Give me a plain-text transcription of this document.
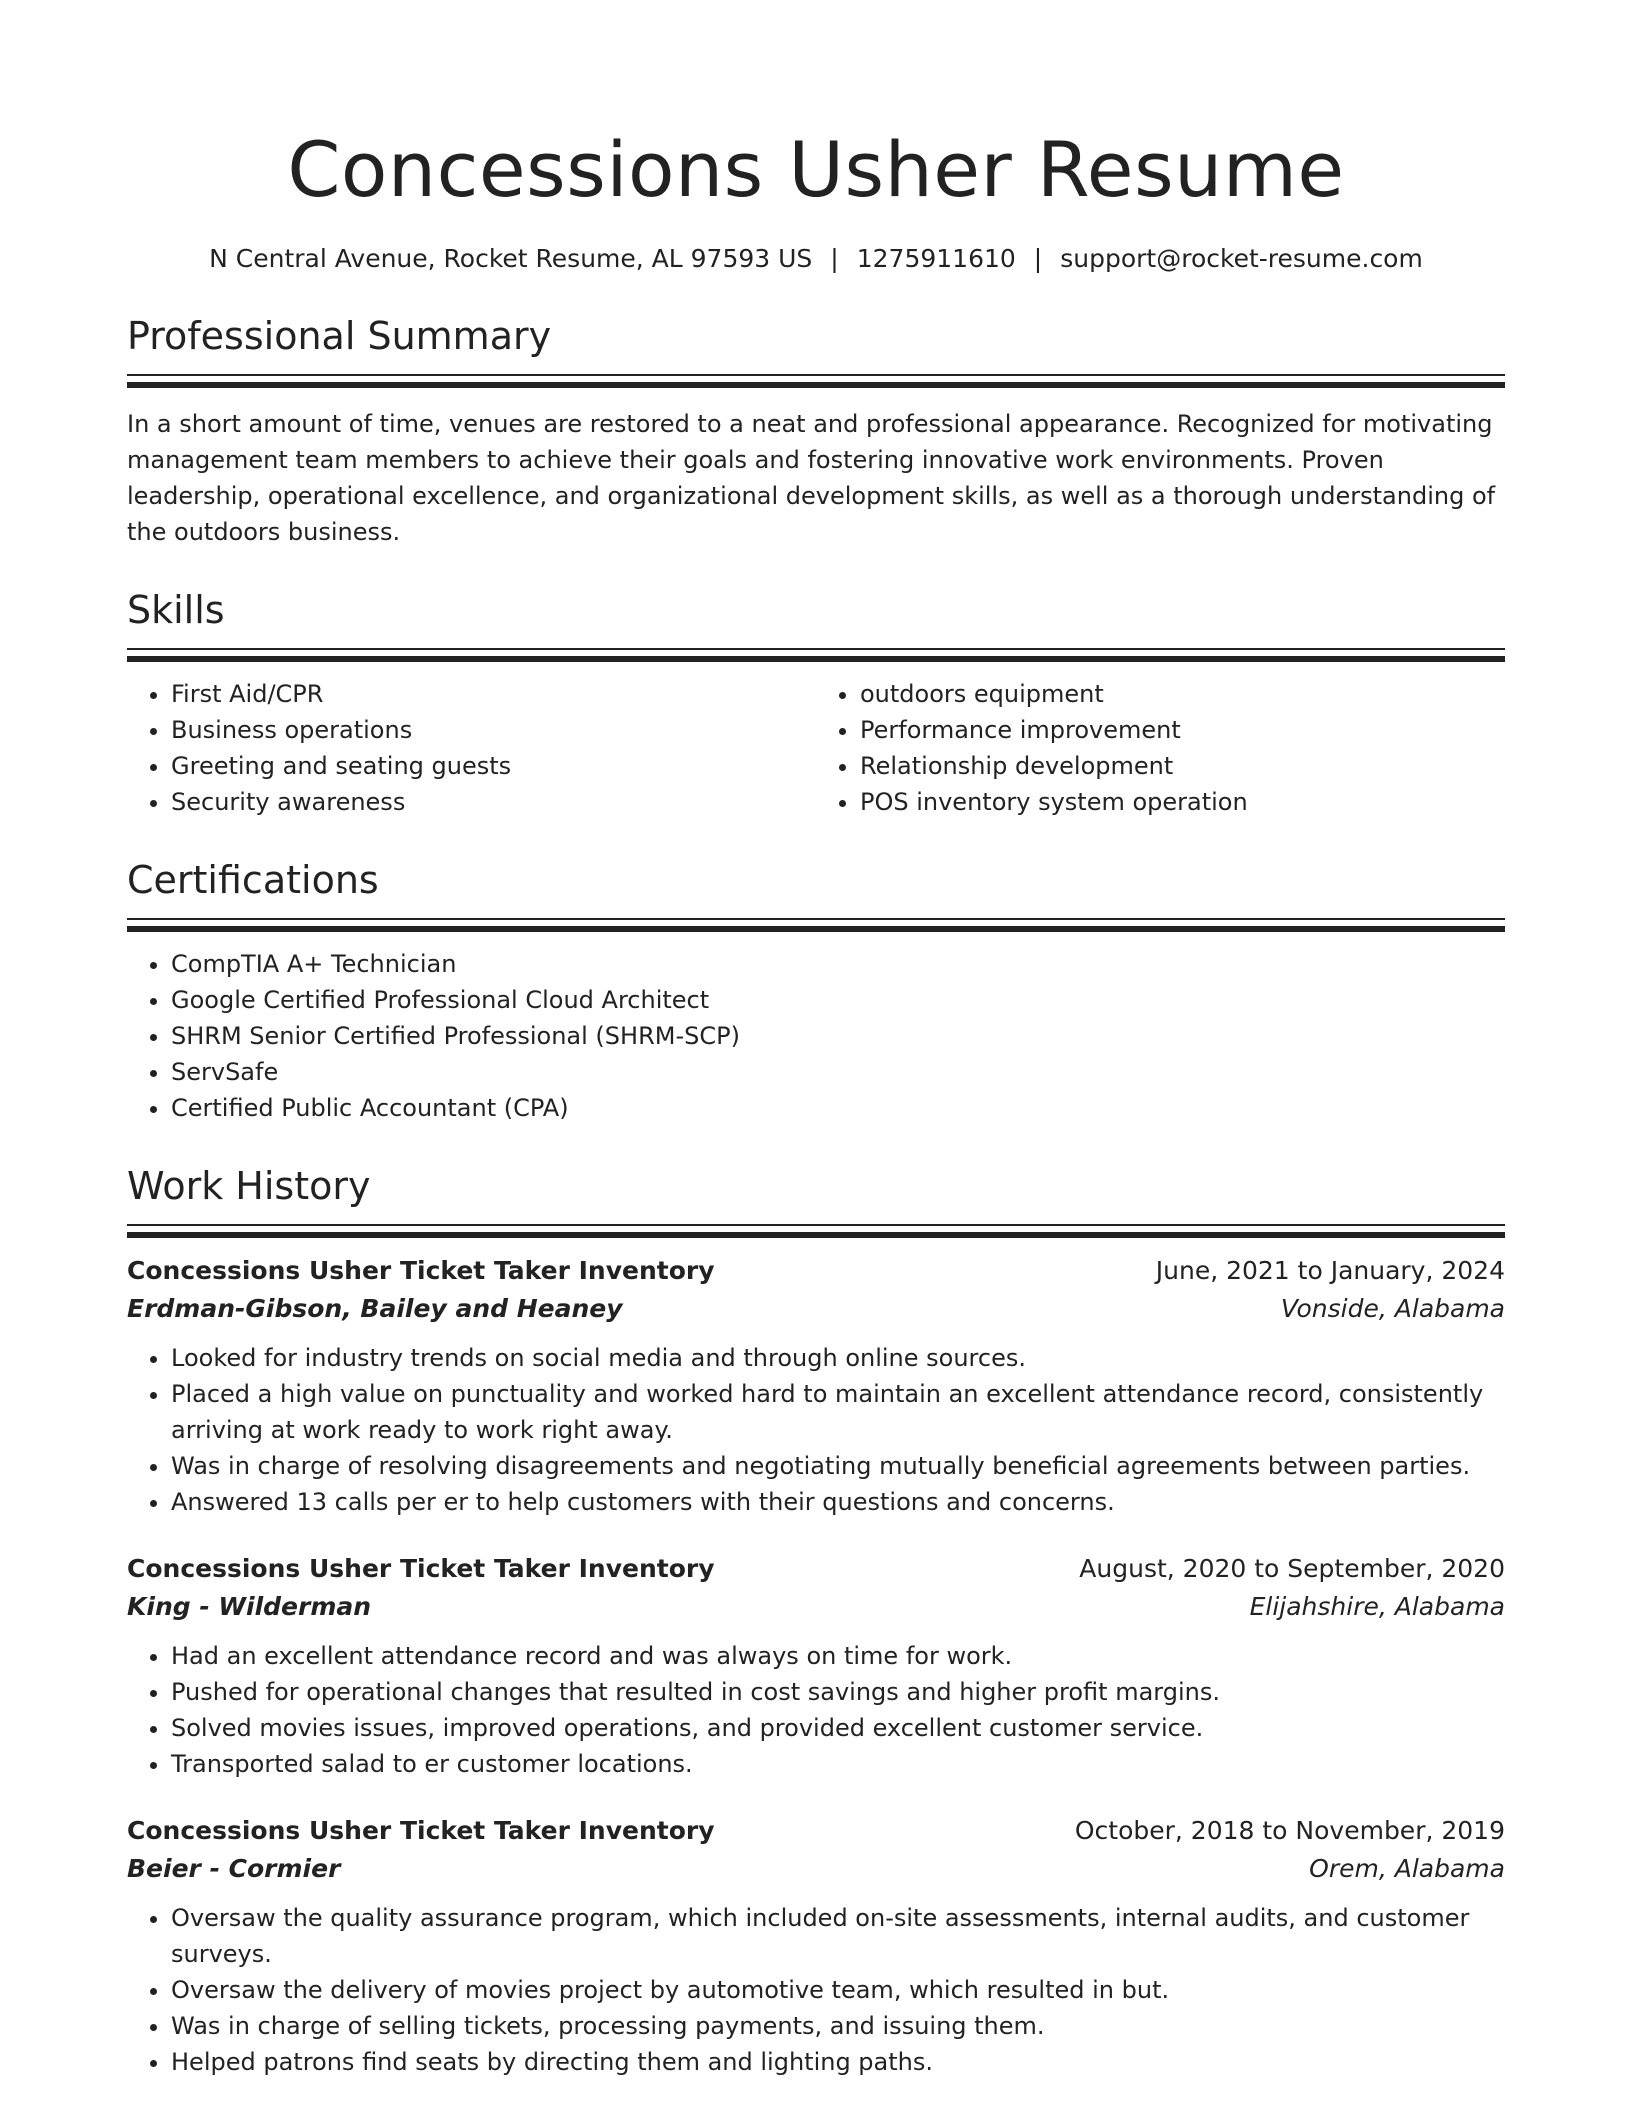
Concessions Usher Resume
N Central Avenue, Rocket Resume, AL 97593 US | 1275911610 | support@rocket-resume.com
Professional Summary
In a short amount of time, venues are restored to a neat and professional appearance. Recognized for motivating management team members to achieve their goals and fostering innovative work environments. Proven leadership, operational excellence, and organizational development skills, as well as a thorough understanding of the outdoors business.
Skills
• First Aid/CPR
• Business operations
• Greeting and seating guests
• Security awareness
• outdoors equipment
• Performance improvement
• Relationship development
• POS inventory system operation
Certifications
• CompTIA A+ Technician
• Google Certified Professional Cloud Architect
• SHRM Senior Certified Professional (SHRM-SCP)
• ServSafe
• Certified Public Accountant (CPA)
Work History
Concessions Usher Ticket Taker Inventory	June, 2021 to January, 2024
Erdman-Gibson, Bailey and Heaney	Vonside, Alabama
• Looked for industry trends on social media and through online sources.
• Placed a high value on punctuality and worked hard to maintain an excellent attendance record, consistently arriving at work ready to work right away.
• Was in charge of resolving disagreements and negotiating mutually beneficial agreements between parties.
• Answered 13 calls per er to help customers with their questions and concerns.
Concessions Usher Ticket Taker Inventory	August, 2020 to September, 2020
King - Wilderman	Elijahshire, Alabama
• Had an excellent attendance record and was always on time for work.
• Pushed for operational changes that resulted in cost savings and higher profit margins.
• Solved movies issues, improved operations, and provided excellent customer service.
• Transported salad to er customer locations.
Concessions Usher Ticket Taker Inventory	October, 2018 to November, 2019
Beier - Cormier	Orem, Alabama
• Oversaw the quality assurance program, which included on-site assessments, internal audits, and customer surveys.
• Oversaw the delivery of movies project by automotive team, which resulted in but.
• Was in charge of selling tickets, processing payments, and issuing them.
• Helped patrons find seats by directing them and lighting paths.
